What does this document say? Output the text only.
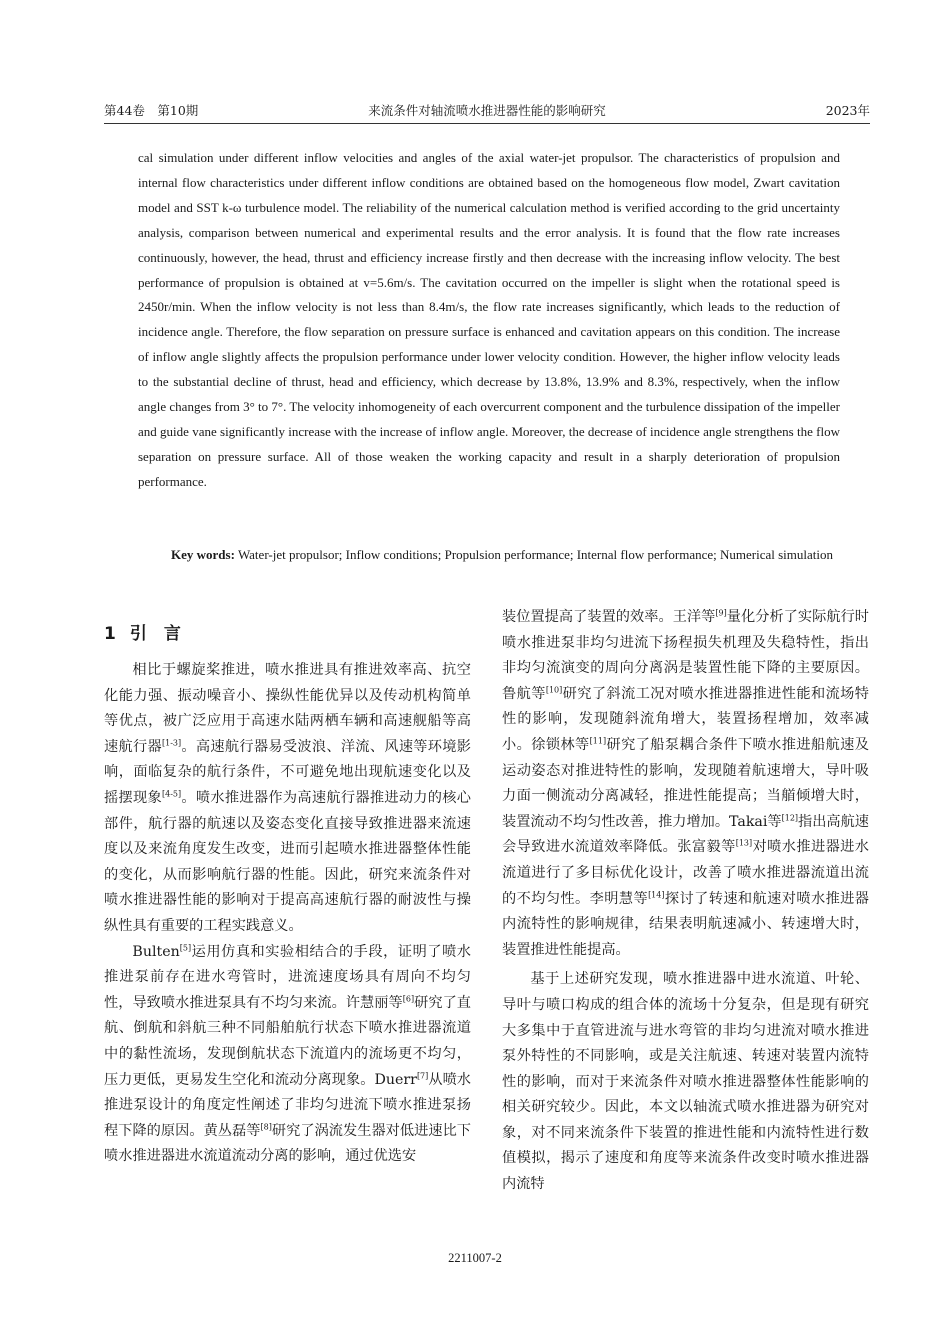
第44卷　第10期	来流条件对轴流喷水推进器性能的影响研究	2023年

cal simulation under different inflow velocities and angles of the axial water-jet propulsor. The characteristics of propulsion and internal flow characteristics under different inflow conditions are obtained based on the homogeneous flow model, Zwart cavitation model and SST k-ω turbulence model. The reliability of the numerical calculation method is verified according to the grid uncertainty analysis, comparison between numerical and experimental results and the error analysis. It is found that the flow rate increases continuously, however, the head, thrust and efficiency increase firstly and then decrease with the increasing inflow velocity. The best performance of propulsion is obtained at v=5.6m/s. The cavitation occurred on the impeller is slight when the rotational speed is 2450r/min. When the inflow velocity is not less than 8.4m/s, the flow rate increases significantly, which leads to the reduction of incidence angle. Therefore, the flow separation on pressure surface is enhanced and cavitation appears on this condition. The increase of inflow angle slightly affects the propulsion performance under lower velocity condition. However, the higher inflow velocity leads to the substantial decline of thrust, head and efficiency, which decrease by 13.8%, 13.9% and 8.3%, respectively, when the inflow angle changes from 3° to 7°. The velocity inhomogeneity of each overcurrent component and the turbulence dissipation of the impeller and guide vane significantly increase with the increase of inflow angle. Moreover, the decrease of incidence angle strengthens the flow separation on pressure surface. All of those weaken the working capacity and result in a sharply deterioration of propulsion performance.

Key words: Water-jet propulsor; Inflow conditions; Propulsion performance; Internal flow performance; Numerical simulation

1 引　言

相比于螺旋桨推进，喷水推进具有推进效率高、抗空化能力强、振动噪音小、操纵性能优异以及传动机构简单等优点，被广泛应用于高速水陆两栖车辆和高速舰船等高速航行器[1-3]。高速航行器易受波浪、洋流、风速等环境影响，面临复杂的航行条件，不可避免地出现航速变化以及摇摆现象[4-5]。喷水推进器作为高速航行器推进动力的核心部件，航行器的航速以及姿态变化直接导致推进器来流速度以及来流角度发生改变，进而引起喷水推进器整体性能的变化，从而影响航行器的性能。因此，研究来流条件对喷水推进器性能的影响对于提高高速航行器的耐波性与操纵性具有重要的工程实践意义。

Bulten[5]运用仿真和实验相结合的手段，证明了喷水推进泵前存在进水弯管时，进流速度场具有周向不均匀性，导致喷水推进泵具有不均匀来流。许慧丽等[6]研究了直航、倒航和斜航三种不同船舶航行状态下喷水推进器流道中的黏性流场，发现倒航状态下流道内的流场更不均匀，压力更低，更易发生空化和流动分离现象。Duerr[7]从喷水推进泵设计的角度定性阐述了非均匀进流下喷水推进泵扬程下降的原因。黄丛磊等[8]研究了涡流发生器对低进速比下喷水推进器进水流道流动分离的影响，通过优选安

装位置提高了装置的效率。王洋等[9]量化分析了实际航行时喷水推进泵非均匀进流下扬程损失机理及失稳特性，指出非均匀流演变的周向分离涡是装置性能下降的主要原因。鲁航等[10]研究了斜流工况对喷水推进器推进性能和流场特性的影响，发现随斜流角增大，装置扬程增加，效率减小。徐锁林等[11]研究了船泵耦合条件下喷水推进船航速及运动姿态对推进特性的影响，发现随着航速增大，导叶吸力面一侧流动分离减轻，推进性能提高；当艏倾增大时，装置流动不均匀性改善，推力增加。Takai等[12]指出高航速会导致进水流道效率降低。张富毅等[13]对喷水推进器进水流道进行了多目标优化设计，改善了喷水推进器流道出流的不均匀性。李明慧等[14]探讨了转速和航速对喷水推进器内流特性的影响规律，结果表明航速减小、转速增大时，装置推进性能提高。

基于上述研究发现，喷水推进器中进水流道、叶轮、导叶与喷口构成的组合体的流场十分复杂，但是现有研究大多集中于直管进流与进水弯管的非均匀进流对喷水推进泵外特性的不同影响，或是关注航速、转速对装置内流特性的影响，而对于来流条件对喷水推进器整体性能影响的相关研究较少。因此，本文以轴流式喷水推进器为研究对象，对不同来流条件下装置的推进性能和内流特性进行数值模拟，揭示了速度和角度等来流条件改变时喷水推进器内流特

2211007-2
